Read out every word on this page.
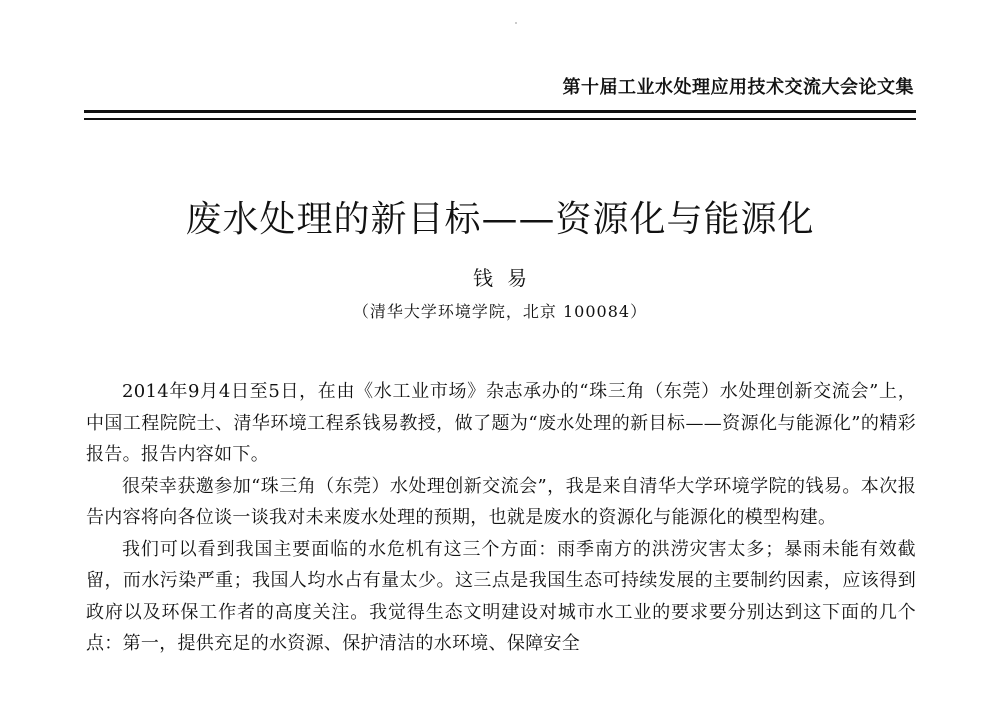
第十届工业水处理应用技术交流大会论文集
废水处理的新目标——资源化与能源化
钱易
（清华大学环境学院，北京 100084）

2014年9月4日至5日，在由《水工业市场》杂志承办的“珠三角（东莞）水处理创新交流会”上，中国工程院院士、清华环境工程系钱易教授，做了题为“废水处理的新目标——资源化与能源化”的精彩报告。报告内容如下。

很荣幸获邀参加“珠三角（东莞）水处理创新交流会”，我是来自清华大学环境学院的钱易。本次报告内容将向各位谈一谈我对未来废水处理的预期，也就是废水的资源化与能源化的模型构建。

我们可以看到我国主要面临的水危机有这三个方面：雨季南方的洪涝灾害太多；暴雨未能有效截留，而水污染严重；我国人均水占有量太少。这三点是我国生态可持续发展的主要制约因素，应该得到政府以及环保工作者的高度关注。我觉得生态文明建设对城市水工业的要求要分别达到这下面的几个点：第一，提供充足的水资源、保护清洁的水环境、保障安全
